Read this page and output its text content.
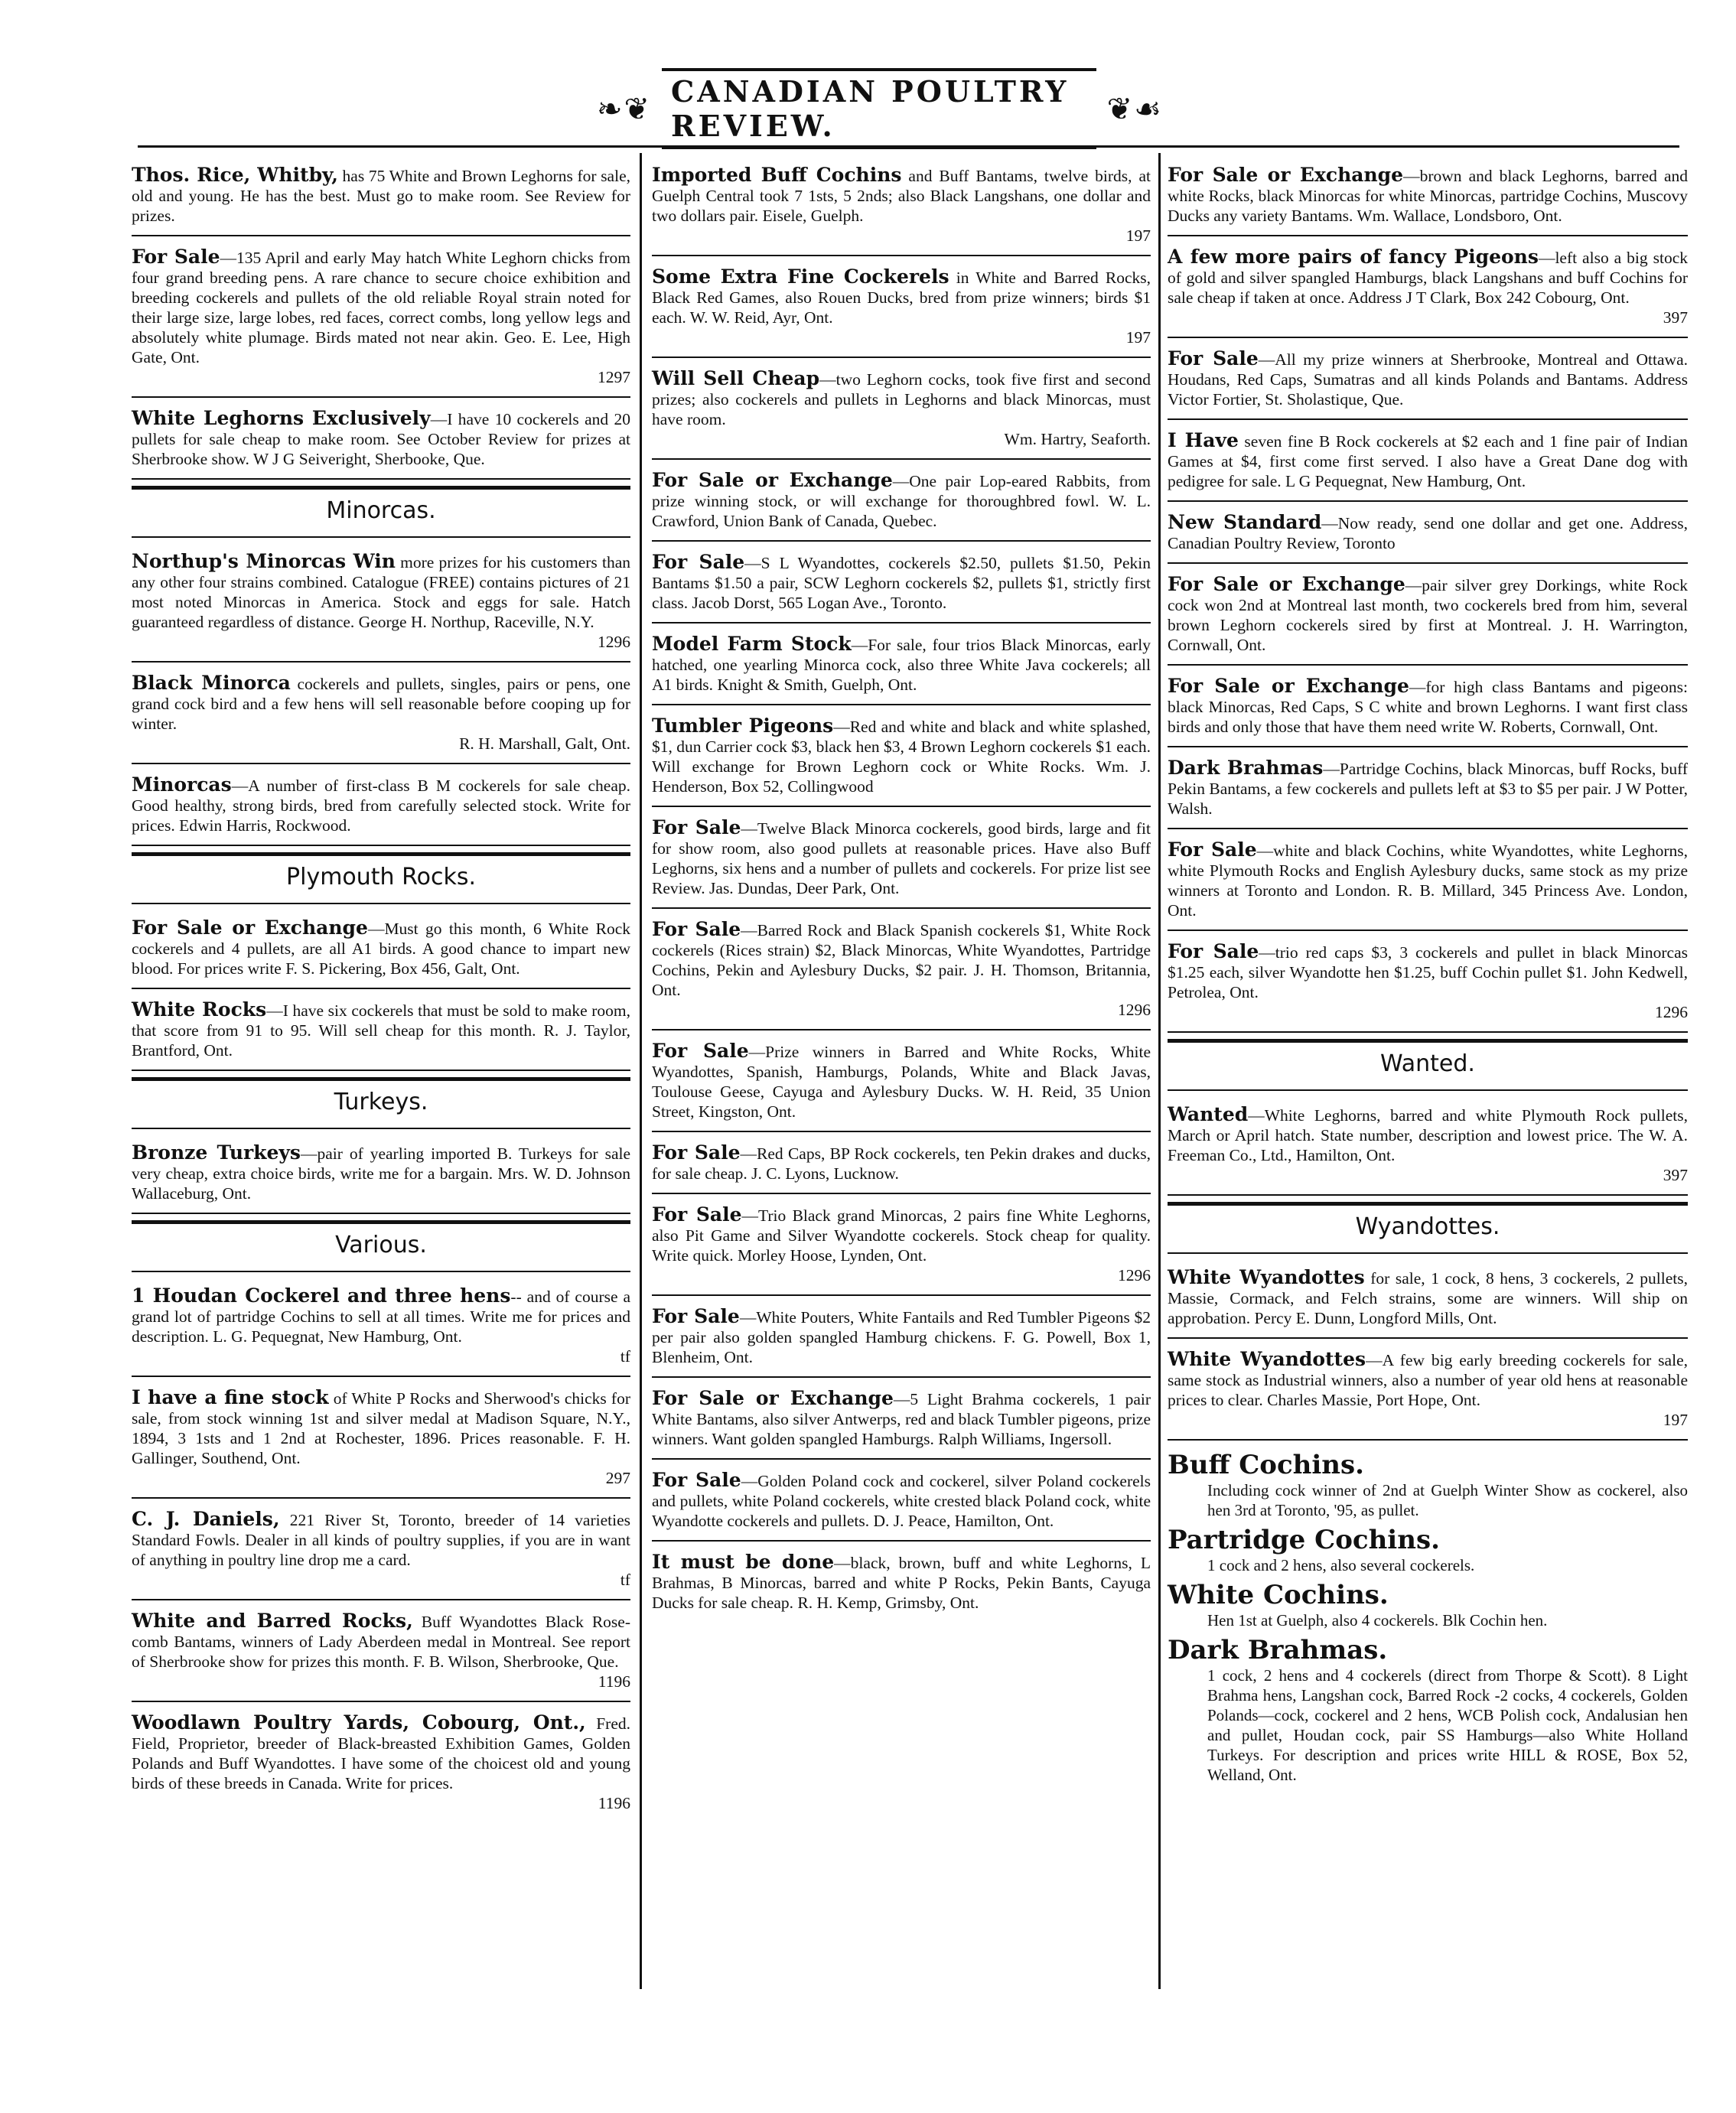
❧❦ CANADIAN POULTRY REVIEW.	❦☙
Thos. Rice, Whitby, has 75 White and Brown Leghorns for sale, old and young. He has the best. Must go to make room. See Review for prizes.
For Sale—135 April and early May hatch White Leghorn chicks from four grand breeding pens. A rare chance to secure choice exhibition and breeding cockerels and pullets of the old reliable Royal strain noted for their large size, large lobes, red faces, correct combs, long yellow legs and absolutely white plumage. Birds mated not near akin. Geo. E. Lee, High Gate, Ont.
1297
White Leghorns Exclusively—I have 10 cockerels and 20 pullets for sale cheap to make room. See October Review for prizes at Sherbrooke show. W J G Seiveright, Sherbooke, Que.
Minorcas.
Northup's Minorcas Win more prizes for his customers than any other four strains combined. Catalogue (FREE) contains pictures of 21 most noted Minorcas in America. Stock and eggs for sale. Hatch guaranteed regardless of distance. George H. Northup, Raceville, N.Y.
1296
Black Minorca cockerels and pullets, singles, pairs or pens, one grand cock bird and a few hens will sell reasonable before cooping up for winter.
R. H. Marshall, Galt, Ont.
Minorcas—A number of first-class B M cockerels for sale cheap. Good healthy, strong birds, bred from carefully selected stock. Write for prices. Edwin Harris, Rockwood.
Plymouth Rocks.
For Sale or Exchange—Must go this month, 6 White Rock cockerels and 4 pullets, are all A1 birds. A good chance to impart new blood. For prices write F. S. Pickering, Box 456, Galt, Ont.
White Rocks—I have six cockerels that must be sold to make room, that score from 91 to 95. Will sell cheap for this month. R. J. Taylor, Brantford, Ont.
Turkeys.
Bronze Turkeys—pair of yearling imported B. Turkeys for sale very cheap, extra choice birds, write me for a bargain. Mrs. W. D. Johnson Wallaceburg, Ont.
Various.
1 Houdan Cockerel and three hens-- and of course a grand lot of partridge Cochins to sell at all times. Write me for prices and description. L. G. Pequegnat, New Hamburg, Ont.
tf
I have a fine stock of White P Rocks and Sherwood's chicks for sale, from stock winning 1st and silver medal at Madison Square, N.Y., 1894, 3 1sts and 1 2nd at Rochester, 1896. Prices reasonable. F. H. Gallinger, Southend, Ont.
297
C. J. Daniels, 221 River St, Toronto, breeder of 14 varieties Standard Fowls. Dealer in all kinds of poultry supplies, if you are in want of anything in poultry line drop me a card.
tf
White and Barred Rocks, Buff Wyandottes Black Rose-comb Bantams, winners of Lady Aberdeen medal in Montreal. See report of Sherbrooke show for prizes this month. F. B. Wilson, Sherbrooke, Que.
1196
Woodlawn Poultry Yards, Cobourg, Ont., Fred. Field, Proprietor, breeder of Black-breasted Exhibition Games, Golden Polands and Buff Wyandottes. I have some of the choicest old and young birds of these breeds in Canada. Write for prices.
1196
Imported Buff Cochins and Buff Bantams, twelve birds, at Guelph Central took 7 1sts, 5 2nds; also Black Langshans, one dollar and two dollars pair. Eisele, Guelph.
197
Some Extra Fine Cockerels in White and Barred Rocks, Black Red Games, also Rouen Ducks, bred from prize winners; birds $1 each. W. W. Reid, Ayr, Ont.
197
Will Sell Cheap—two Leghorn cocks, took five first and second prizes; also cockerels and pullets in Leghorns and black Minorcas, must have room.
Wm. Hartry, Seaforth.
For Sale or Exchange—One pair Lop-eared Rabbits, from prize winning stock, or will exchange for thoroughbred fowl. W. L. Crawford, Union Bank of Canada, Quebec.
For Sale—S L Wyandottes, cockerels $2.50, pullets $1.50, Pekin Bantams $1.50 a pair, SCW Leghorn cockerels $2, pullets $1, strictly first class. Jacob Dorst, 565 Logan Ave., Toronto.
Model Farm Stock—For sale, four trios Black Minorcas, early hatched, one yearling Minorca cock, also three White Java cockerels; all A1 birds. Knight & Smith, Guelph, Ont.
Tumbler Pigeons—Red and white and black and white splashed, $1, dun Carrier cock $3, black hen $3, 4 Brown Leghorn cockerels $1 each. Will exchange for Brown Leghorn cock or White Rocks. Wm. J. Henderson, Box 52, Collingwood
For Sale—Twelve Black Minorca cockerels, good birds, large and fit for show room, also good pullets at reasonable prices. Have also Buff Leghorns, six hens and a number of pullets and cockerels. For prize list see Review. Jas. Dundas, Deer Park, Ont.
For Sale—Barred Rock and Black Spanish cockerels $1, White Rock cockerels (Rices strain) $2, Black Minorcas, White Wyandottes, Partridge Cochins, Pekin and Aylesbury Ducks, $2 pair. J. H. Thomson, Britannia, Ont.
1296
For Sale—Prize winners in Barred and White Rocks, White Wyandottes, Spanish, Hamburgs, Polands, White and Black Javas, Toulouse Geese, Cayuga and Aylesbury Ducks. W. H. Reid, 35 Union Street, Kingston, Ont.
For Sale—Red Caps, BP Rock cockerels, ten Pekin drakes and ducks, for sale cheap. J. C. Lyons, Lucknow.
For Sale—Trio Black grand Minorcas, 2 pairs fine White Leghorns, also Pit Game and Silver Wyandotte cockerels. Stock cheap for quality. Write quick. Morley Hoose, Lynden, Ont.
1296
For Sale—White Pouters, White Fantails and Red Tumbler Pigeons $2 per pair also golden spangled Hamburg chickens. F. G. Powell, Box 1, Blenheim, Ont.
For Sale or Exchange—5 Light Brahma cockerels, 1 pair White Bantams, also silver Antwerps, red and black Tumbler pigeons, prize winners. Want golden spangled Hamburgs. Ralph Williams, Ingersoll.
For Sale—Golden Poland cock and cockerel, silver Poland cockerels and pullets, white Poland cockerels, white crested black Poland cock, white Wyandotte cockerels and pullets. D. J. Peace, Hamilton, Ont.
It must be done—black, brown, buff and white Leghorns, L Brahmas, B Minorcas, barred and white P Rocks, Pekin Bants, Cayuga Ducks for sale cheap. R. H. Kemp, Grimsby, Ont.
For Sale or Exchange—brown and black Leghorns, barred and white Rocks, black Minorcas for white Minorcas, partridge Cochins, Muscovy Ducks any variety Bantams. Wm. Wallace, Londsboro, Ont.
A few more pairs of fancy Pigeons—left also a big stock of gold and silver spangled Hamburgs, black Langshans and buff Cochins for sale cheap if taken at once. Address J T Clark, Box 242 Cobourg, Ont.
397
For Sale—All my prize winners at Sherbrooke, Montreal and Ottawa. Houdans, Red Caps, Sumatras and all kinds Polands and Bantams. Address Victor Fortier, St. Sholastique, Que.
I Have seven fine B Rock cockerels at $2 each and 1 fine pair of Indian Games at $4, first come first served. I also have a Great Dane dog with pedigree for sale. L G Pequegnat, New Hamburg, Ont.
New Standard—Now ready, send one dollar and get one. Address, Canadian Poultry Review, Toronto
For Sale or Exchange—pair silver grey Dorkings, white Rock cock won 2nd at Montreal last month, two cockerels bred from him, several brown Leghorn cockerels sired by first at Montreal. J. H. Warrington, Cornwall, Ont.
For Sale or Exchange—for high class Bantams and pigeons: black Minorcas, Red Caps, S C white and brown Leghorns. I want first class birds and only those that have them need write W. Roberts, Cornwall, Ont.
Dark Brahmas—Partridge Cochins, black Minorcas, buff Rocks, buff Pekin Bantams, a few cockerels and pullets left at $3 to $5 per pair. J W Potter, Walsh.
For Sale—white and black Cochins, white Wyandottes, white Leghorns, white Plymouth Rocks and English Aylesbury ducks, same stock as my prize winners at Toronto and London. R. B. Millard, 345 Princess Ave. London, Ont.
For Sale—trio red caps $3, 3 cockerels and pullet in black Minorcas $1.25 each, silver Wyandotte hen $1.25, buff Cochin pullet $1. John Kedwell, Petrolea, Ont.
1296
Wanted.
Wanted—White Leghorns, barred and white Plymouth Rock pullets, March or April hatch. State number, description and lowest price. The W. A. Freeman Co., Ltd., Hamilton, Ont.
397
Wyandottes.
White Wyandottes for sale, 1 cock, 8 hens, 3 cockerels, 2 pullets, Massie, Cormack, and Felch strains, some are winners. Will ship on approbation. Percy E. Dunn, Longford Mills, Ont.
White Wyandottes—A few big early breeding cockerels for sale, same stock as Industrial winners, also a number of year old hens at reasonable prices to clear. Charles Massie, Port Hope, Ont.
197
Buff Cochins.
Including cock winner of 2nd at Guelph Winter Show as cockerel, also hen 3rd at Toronto, '95, as pullet.
Partridge Cochins.
1 cock and 2 hens, also several cockerels.
White Cochins.
Hen 1st at Guelph, also 4 cockerels. Blk Cochin hen.
Dark Brahmas.
1 cock, 2 hens and 4 cockerels (direct from Thorpe & Scott). 8 Light Brahma hens, Langshan cock, Barred Rock -2 cocks, 4 cockerels, Golden Polands—cock, cockerel and 2 hens, WCB Polish cock, Andalusian hen and pullet, Houdan cock, pair SS Hamburgs—also White Holland Turkeys. For description and prices write HILL & ROSE, Box 52, Welland, Ont.
